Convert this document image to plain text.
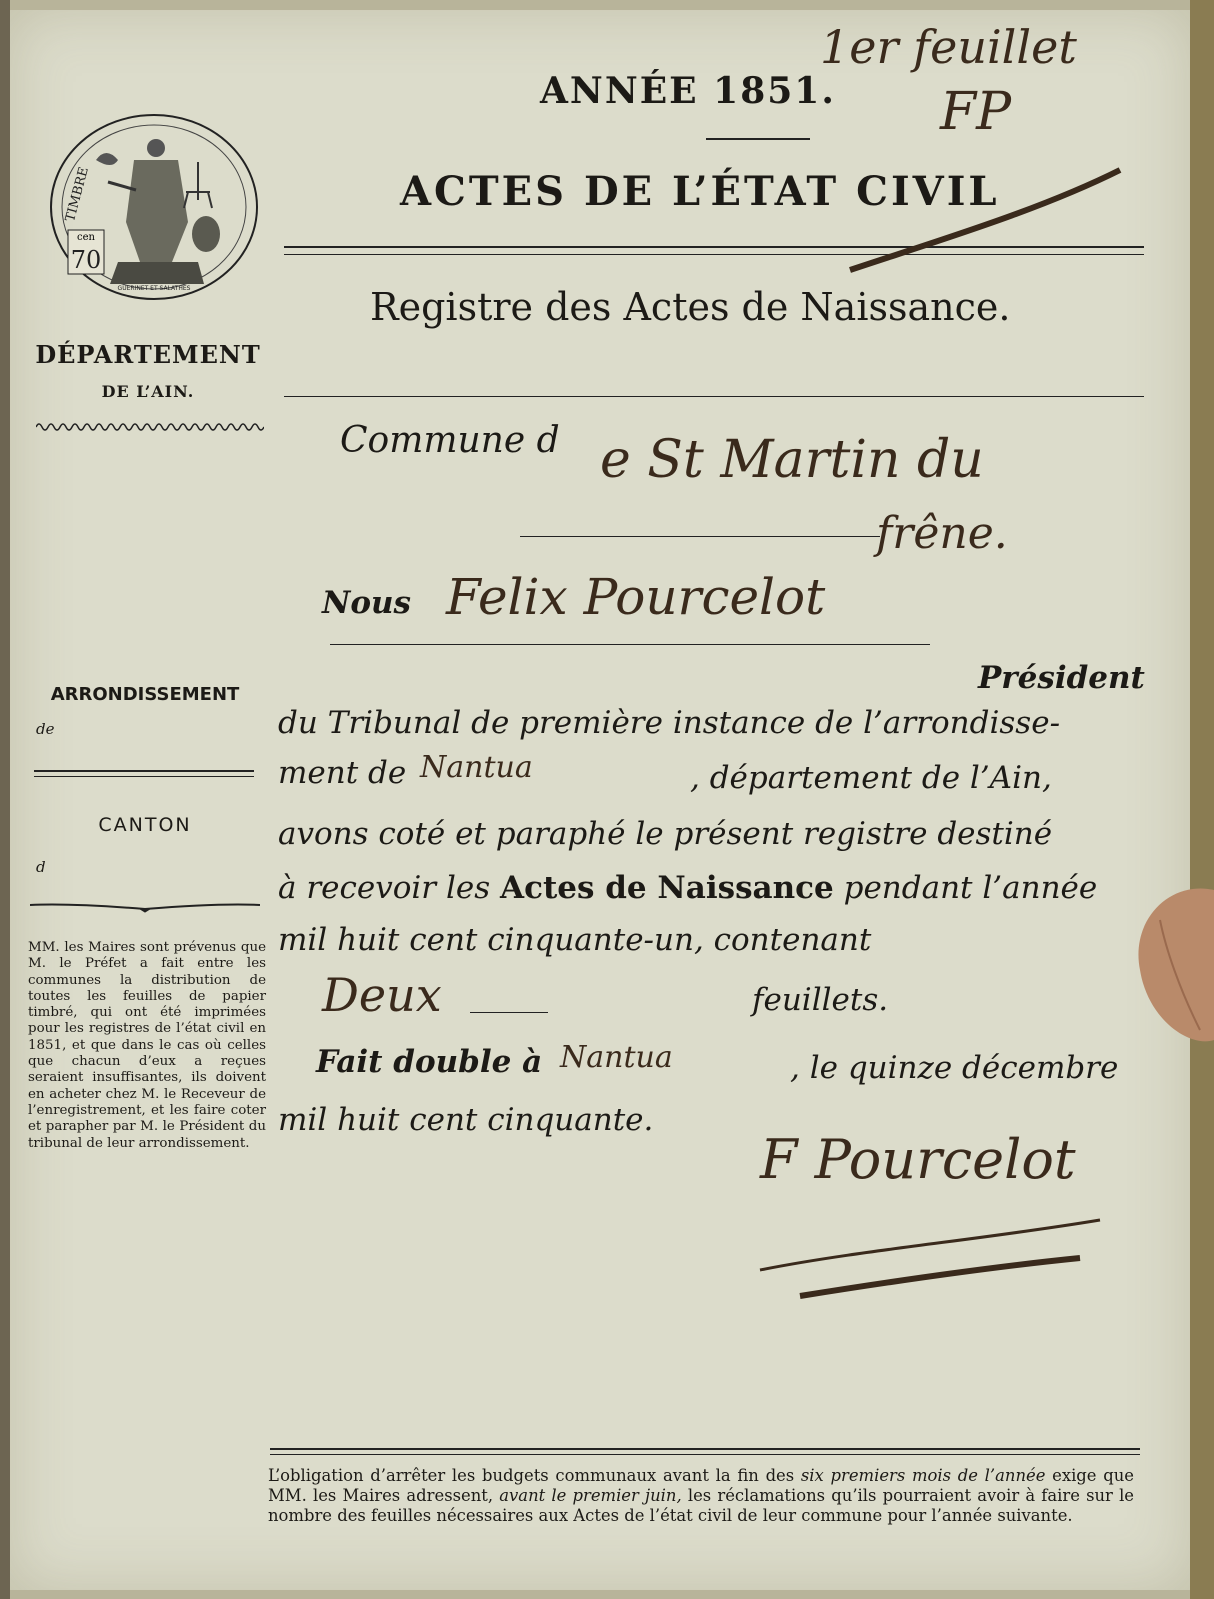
cen
70
TIMBRE
GUERINET ET SALATHES
DÉPARTEMENT
DE L’AIN.
ARRONDISSEMENT
de
CANTON
d
MM. les Maires sont prévenus que M. le Préfet a fait entre les communes la distribution de toutes les feuilles de papier timbré, qui ont été imprimées pour les registres de l’état civil en 1851, et que dans le cas où celles que chacun d’eux a reçues seraient insuffisantes, ils doivent en acheter chez M. le Receveur de l’enregistrement, et les faire coter et parapher par M. le Président du tribunal de leur arrondissement.
ANNÉE 1851.
ACTES DE L’ÉTAT CIVIL
Registre des Actes de Naissance.
Commune d e St Martin du
frêne.
Nous Felix Pourcelot
Président
du Tribunal de première instance de l’arrondisse-
ment de Nantua	, département de l’Ain,
avons coté et paraphé le présent registre destiné
à recevoir les Actes de Naissance pendant l’année
mil huit cent cinquante-un, contenant
Deux	feuillets.
Fait double à Nantua	, le quinze décembre
mil huit cent cinquante.
F Pourcelot
1er feuillet
FP
L’obligation d’arrêter les budgets communaux avant la fin des six premiers mois de l’année exige que MM. les Maires adressent, avant le premier juin, les réclamations qu’ils pourraient avoir à faire sur le nombre des feuilles nécessaires aux Actes de l’état civil de leur commune pour l’année suivante.
